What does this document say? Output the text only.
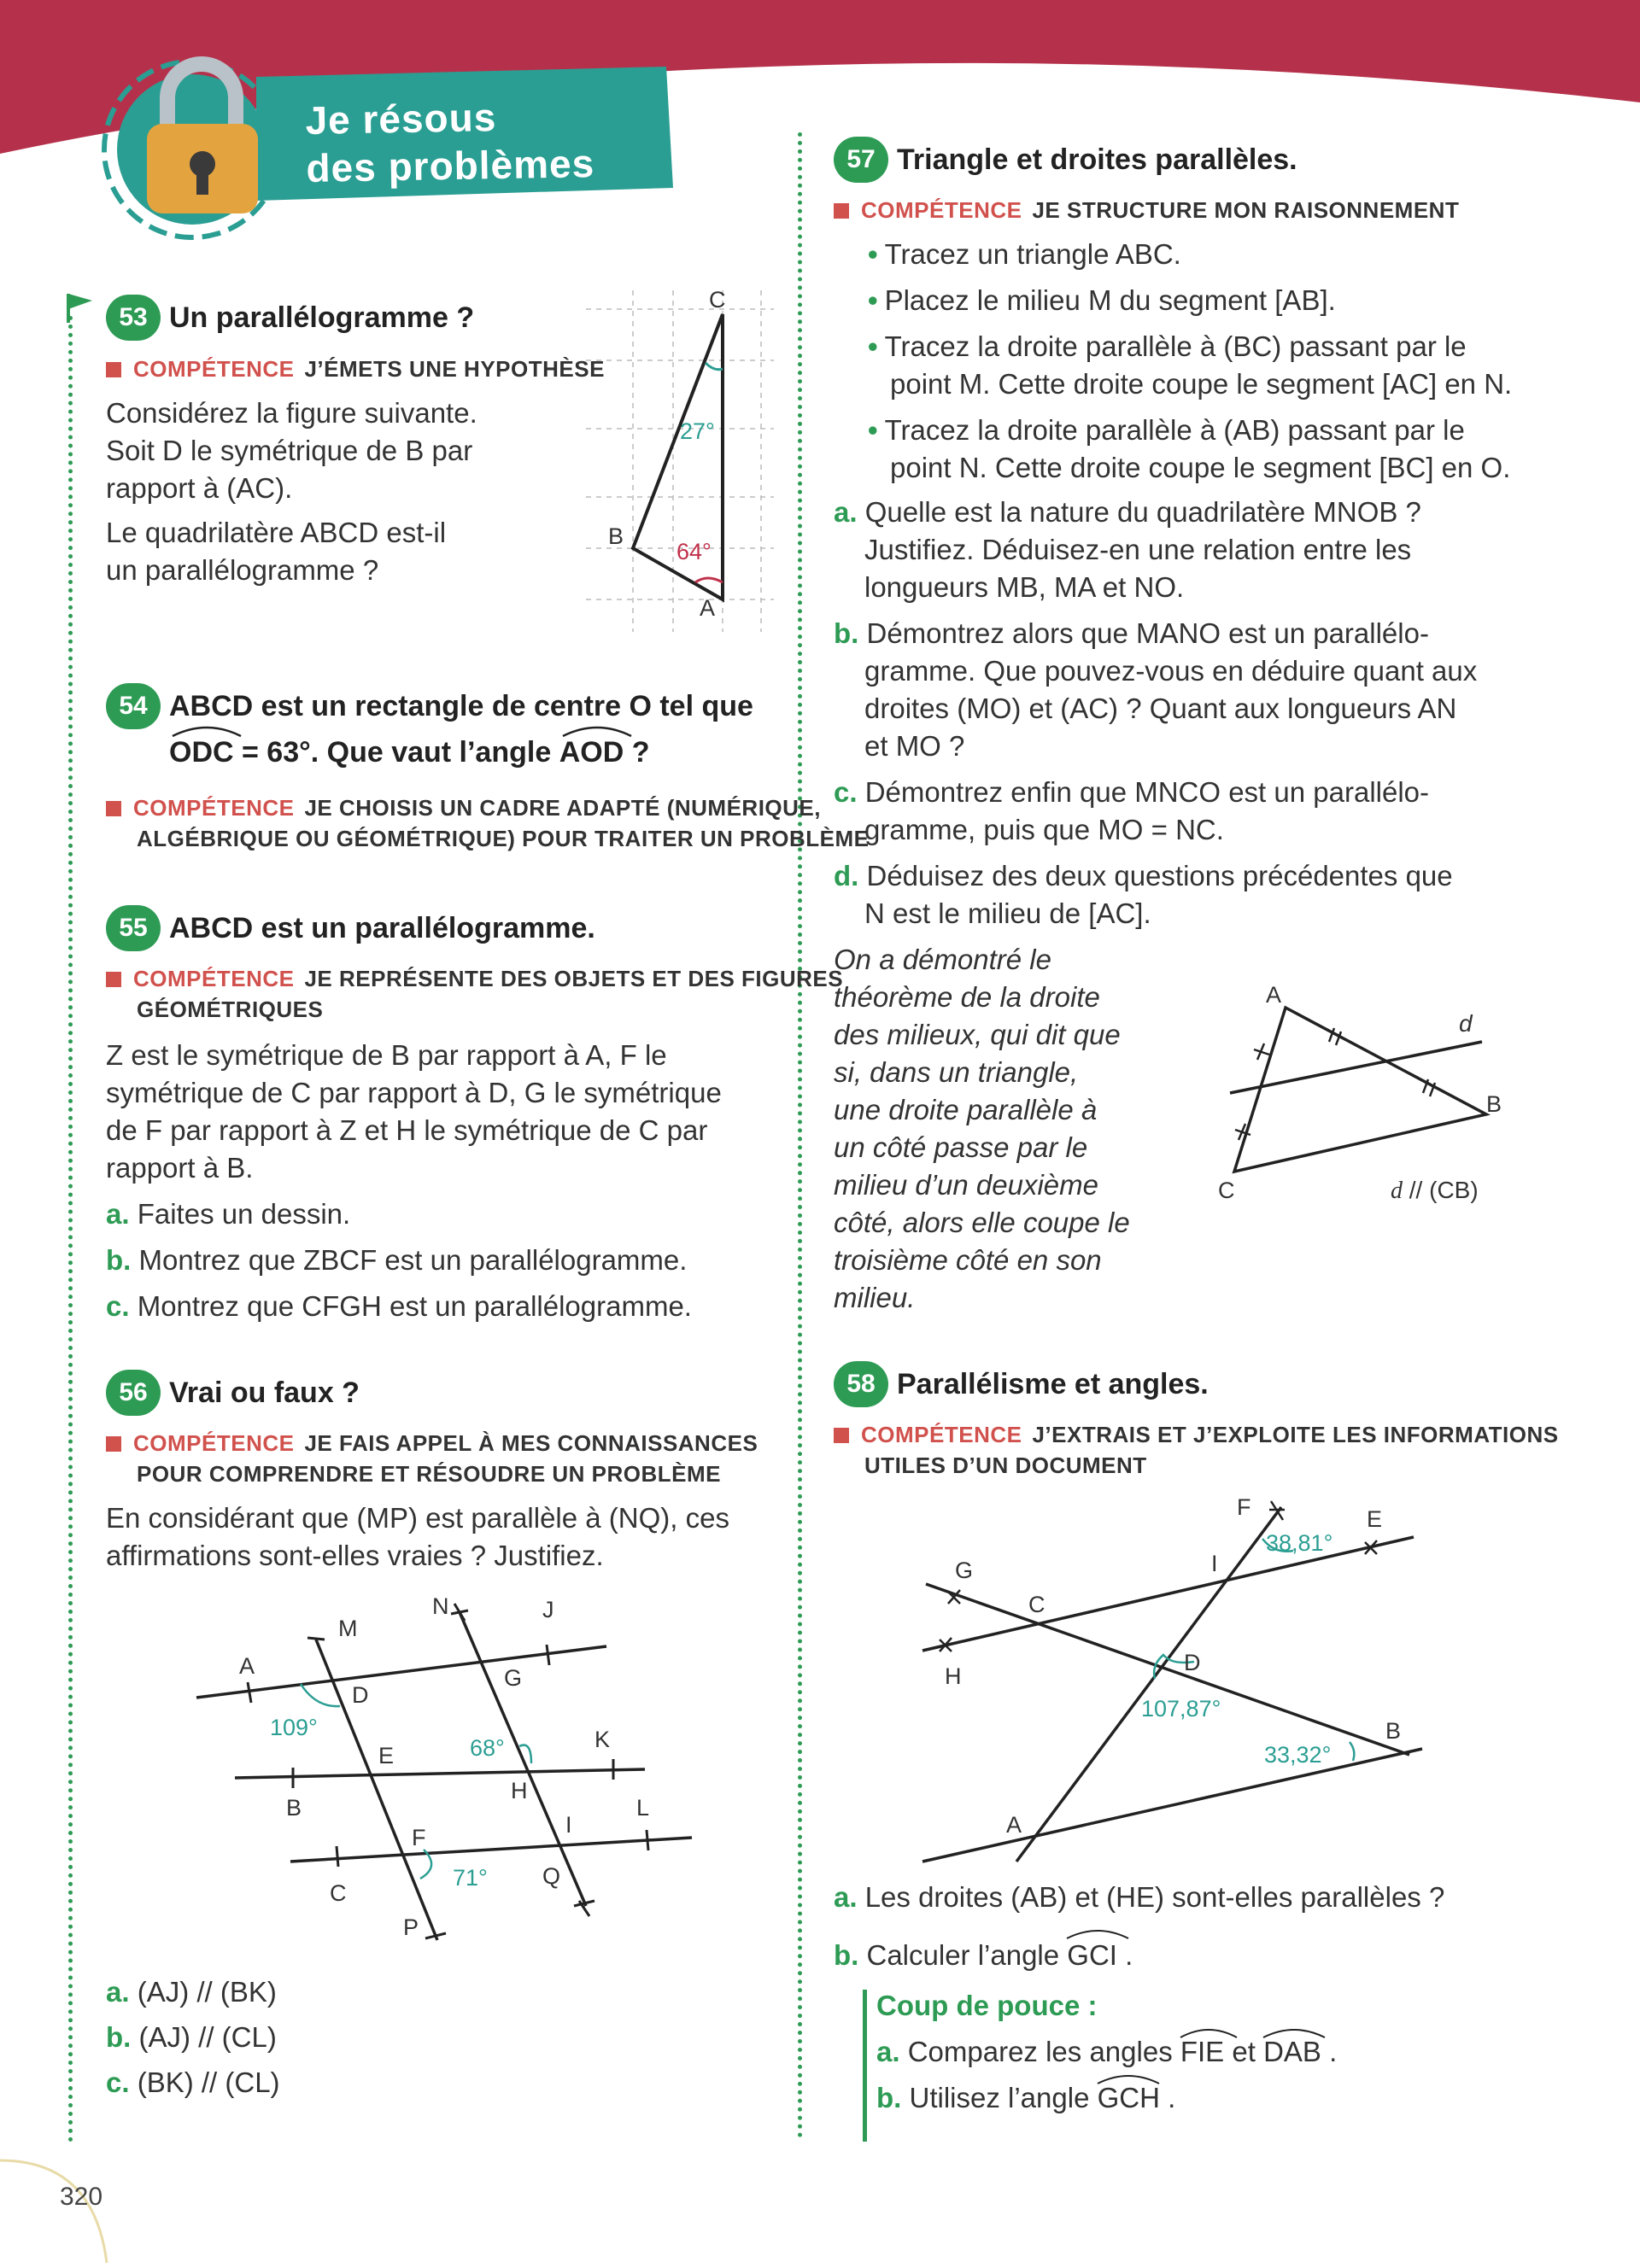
Je résous
des problèmes
320
53 Un parallélogramme ?
COMPÉTENCE J’ÉMETS UNE HYPOTHÈSE
Considérez la figure suivante.
Soit D le symétrique de B par
rapport à (AC).
Le quadrilatère ABCD est-il
un parallélogramme ?
C
B
A
27°
64°
54 ABCD est un rectangle de centre O tel que
ODC = 63°. Que vaut l’angle
AOD ?
COMPÉTENCE JE CHOISIS UN CADRE ADAPTÉ (NUMÉRIQUE,
ALGÉBRIQUE OU GÉOMÉTRIQUE) POUR TRAITER UN PROBLÈME
55 ABCD est un parallélogramme.
COMPÉTENCE JE REPRÉSENTE DES OBJETS ET DES FIGURES
GÉOMÉTRIQUES
Z est le symétrique de B par rapport à A, F le
symétrique de C par rapport à D, G le symétrique
de F par rapport à Z et H le symétrique de C par
rapport à B.
a. Faites un dessin.
b. Montrez que ZBCF est un parallélogramme.
c. Montrez que CFGH est un parallélogramme.
56 Vrai ou faux ?
COMPÉTENCE JE FAIS APPEL À MES CONNAISSANCES
POUR COMPRENDRE ET RÉSOUDRE UN PROBLÈME
En considérant que (MP) est parallèle à (NQ), ces
affirmations sont-elles vraies ? Justifiez.
A
M
N	J
D
G
E
K
B
H
I
L
F
C
Q
P
109°
68°
71°
a. (AJ) // (BK)
b. (AJ) // (CL)
c. (BK) // (CL)
57 Triangle et droites parallèles.
COMPÉTENCE JE STRUCTURE MON RAISONNEMENT
• Tracez un triangle ABC.
• Placez le milieu M du segment [AB].
• Tracez la droite parallèle à (BC) passant par le
point M. Cette droite coupe le segment [AC] en N.
• Tracez la droite parallèle à (AB) passant par le
point N. Cette droite coupe le segment [BC] en O.
a. Quelle est la nature du quadrilatère MNOB ?
Justifiez. Déduisez-en une relation entre les
longueurs MB, MA et NO.
b. Démontrez alors que MANO est un parallélo-
gramme. Que pouvez-vous en déduire quant aux
droites (MO) et (AC) ? Quant aux longueurs AN
et MO ?
c. Démontrez enfin que MNCO est un parallélo-
gramme, puis que MO = NC.
d. Déduisez des deux questions précédentes que
N est le milieu de [AC].
On a démontré le
théorème de la droite
des milieux, qui dit que
si, dans un triangle,
une droite parallèle à
un côté passe par le
milieu d’un deuxième
côté, alors elle coupe le
troisième côté en son
milieu.
A
B
C
d
d // (CB)
58 Parallélisme et angles.
COMPÉTENCE J’EXTRAIS ET J’EXPLOITE LES INFORMATIONS
UTILES D’UN DOCUMENT
F	E
G	I
C
H
D
B
A
38,81°
107,87°
33,32°
a. Les droites (AB) et (HE) sont-elles parallèles ?
b. Calculer l’angle
GCI .
Coup de pouce :
a. Comparez les angles
FIE et
DAB .
b. Utilisez l’angle
GCH .
